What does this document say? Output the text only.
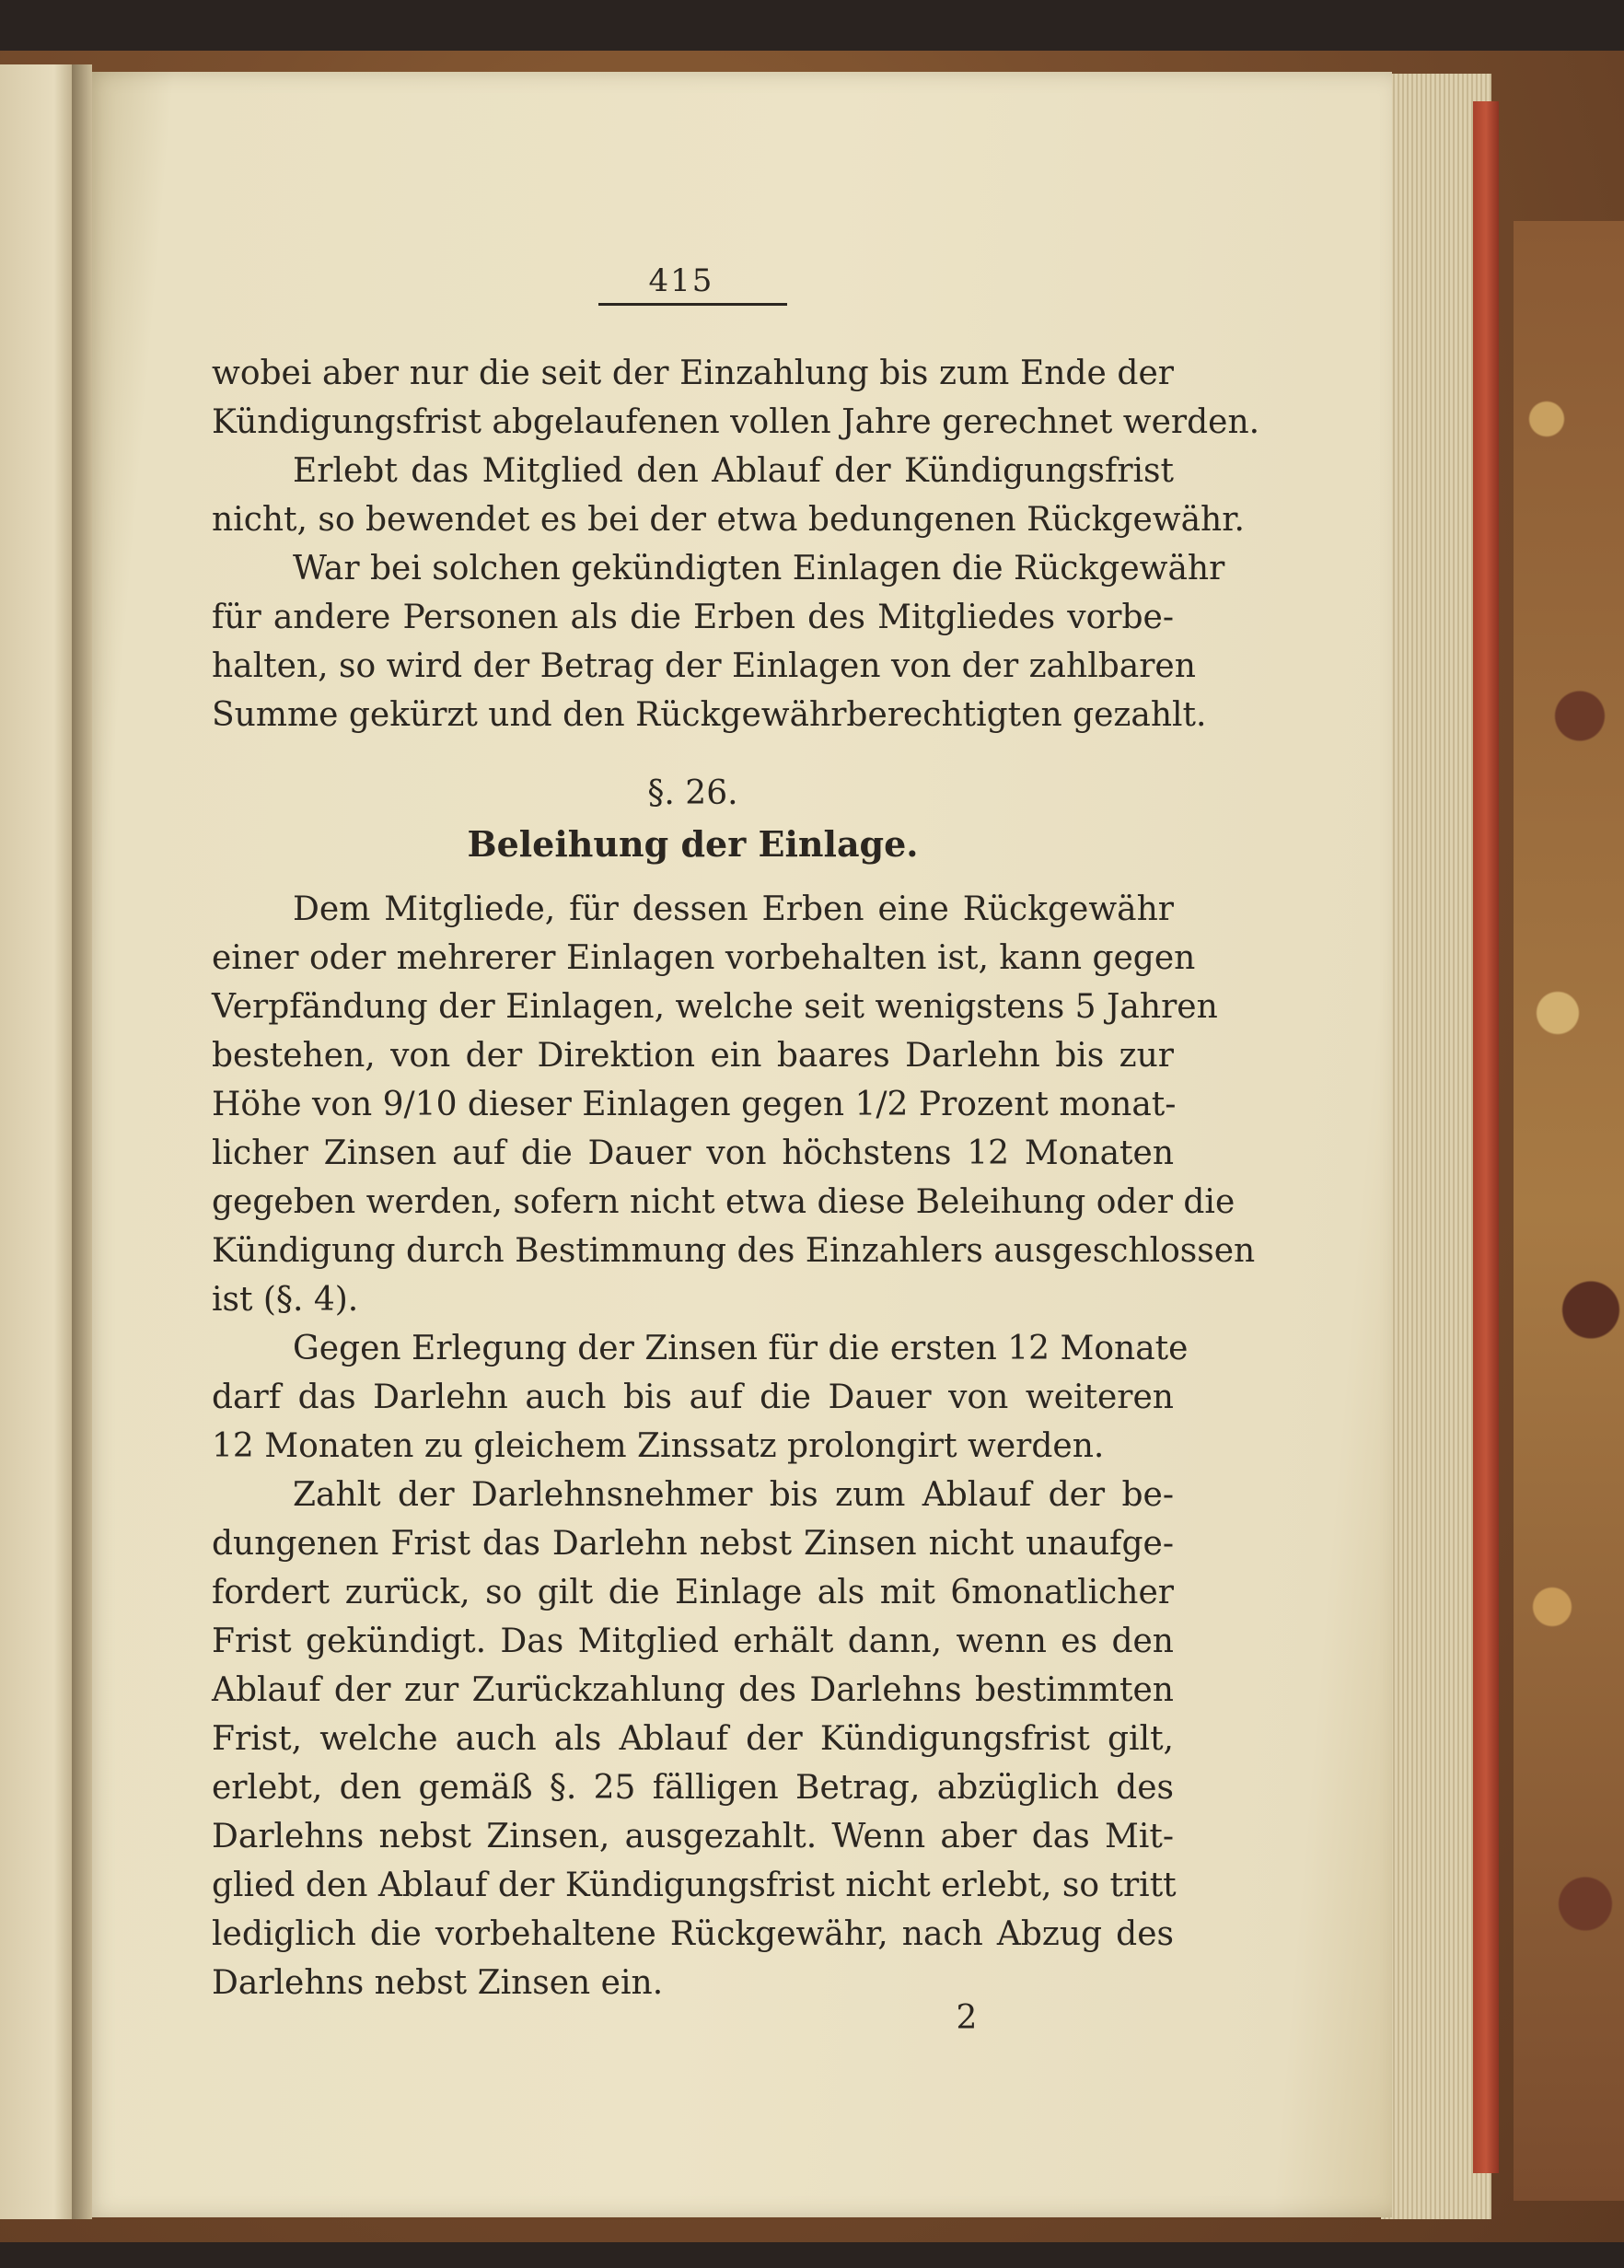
415
wobei aber nur die seit der Einzahlung bis zum Ende der
Kündigungsfrist abgelaufenen vollen Jahre gerechnet werden.
Erlebt das Mitglied den Ablauf der Kündigungsfrist
nicht, so bewendet es bei der etwa bedungenen Rückgewähr.
War bei solchen gekündigten Einlagen die Rückgewähr
für andere Personen als die Erben des Mitgliedes vorbe-
halten, so wird der Betrag der Einlagen von der zahlbaren
Summe gekürzt und den Rückgewährberechtigten gezahlt.
§. 26.
Beleihung der Einlage.
Dem Mitgliede, für dessen Erben eine Rückgewähr
einer oder mehrerer Einlagen vorbehalten ist, kann gegen
Verpfändung der Einlagen, welche seit wenigstens 5 Jahren
bestehen, von der Direktion ein baares Darlehn bis zur
Höhe von 9/10 dieser Einlagen gegen 1/2 Prozent monat-
licher Zinsen auf die Dauer von höchstens 12 Monaten
gegeben werden, sofern nicht etwa diese Beleihung oder die
Kündigung durch Bestimmung des Einzahlers ausgeschlossen
ist (§. 4).
Gegen Erlegung der Zinsen für die ersten 12 Monate
darf das Darlehn auch bis auf die Dauer von weiteren
12 Monaten zu gleichem Zinssatz prolongirt werden.
Zahlt der Darlehnsnehmer bis zum Ablauf der be-
dungenen Frist das Darlehn nebst Zinsen nicht unaufge-
fordert zurück, so gilt die Einlage als mit 6monatlicher
Frist gekündigt. Das Mitglied erhält dann, wenn es den
Ablauf der zur Zurückzahlung des Darlehns bestimmten
Frist, welche auch als Ablauf der Kündigungsfrist gilt,
erlebt, den gemäß §. 25 fälligen Betrag, abzüglich des
Darlehns nebst Zinsen, ausgezahlt. Wenn aber das Mit-
glied den Ablauf der Kündigungsfrist nicht erlebt, so tritt
lediglich die vorbehaltene Rückgewähr, nach Abzug des
Darlehns nebst Zinsen ein.
2
